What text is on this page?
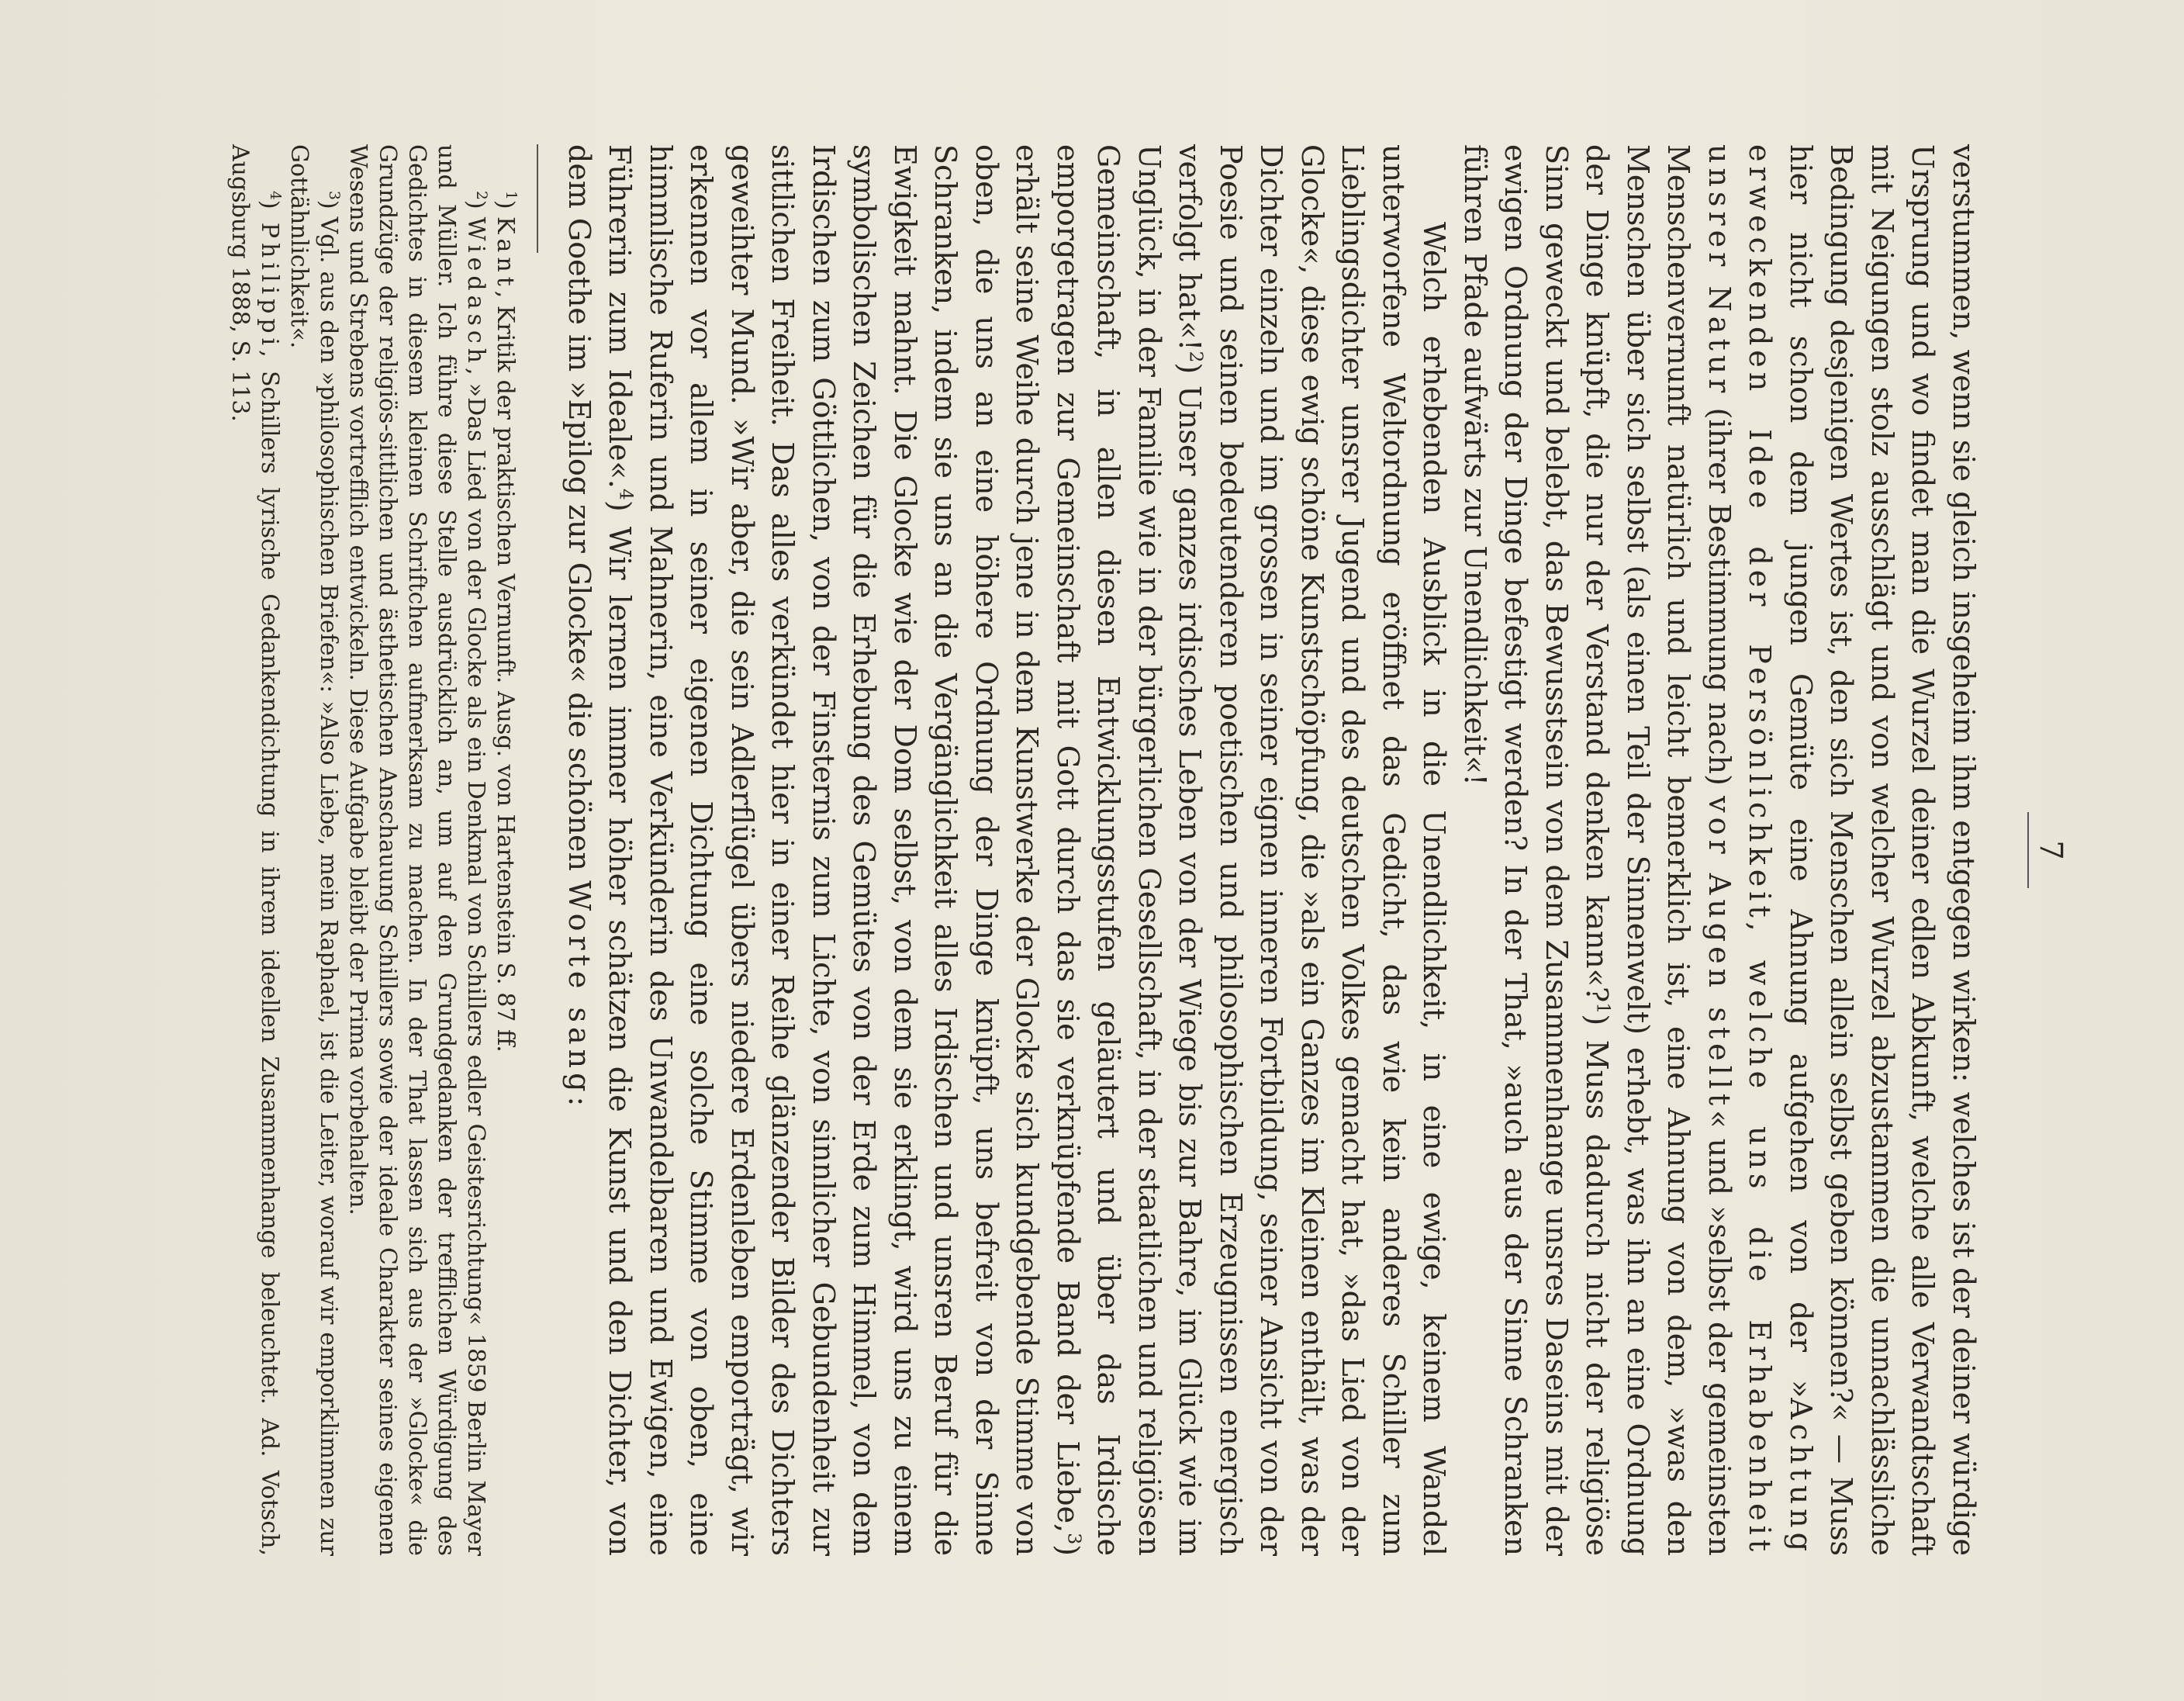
7

verstummen, wenn sie gleich insgeheim ihm entgegen wirken: welches ist der deiner würdige Ursprung und wo findet man die Wurzel deiner edlen Abkunft, welche alle Verwandtschaft mit Neigungen stolz ausschlägt und von welcher Wurzel abzustammen die unnachlässliche Bedingung desjenigen Wertes ist, den sich Menschen allein selbst geben können?« — Muss hier nicht schon dem jungen Gemüte eine Ahnung aufgehen von der »Achtung erweckenden Idee der Persönlichkeit, welche uns die Erhabenheit unsrer Natur (ihrer Bestimmung nach) vor Augen stellt« und »selbst der gemeinsten Menschenvernunft natürlich und leicht bemerklich ist, eine Ahnung von dem, »was den Menschen über sich selbst (als einen Teil der Sinnenwelt) erhebt, was ihn an eine Ordnung der Dinge knüpft, die nur der Verstand denken kann«?$^1$) Muss dadurch nicht der religiöse Sinn geweckt und belebt, das Bewusstsein von dem Zusammenhange unsres Daseins mit der ewigen Ordnung der Dinge befestigt werden? In der That, »auch aus der Sinne Schranken führen Pfade aufwärts zur Unendlichkeit«!

Welch erhebenden Ausblick in die Unendlichkeit, in eine ewige, keinem Wandel unterworfene Weltordnung eröffnet das Gedicht, das wie kein anderes Schiller zum Lieblingsdichter unsrer Jugend und des deutschen Volkes gemacht hat, »das Lied von der Glocke«, diese ewig schöne Kunstschöpfung, die »als ein Ganzes im Kleinen enthält, was der Dichter einzeln und im grossen in seiner eignen inneren Fortbildung, seiner Ansicht von der Poesie und seinen bedeutenderen poetischen und philosophischen Erzeugnissen energisch verfolgt hat«!$^2$) Unser ganzes irdisches Leben von der Wiege bis zur Bahre, im Glück wie im Unglück, in der Familie wie in der bürgerlichen Gesellschaft, in der staatlichen und religiösen Gemeinschaft, in allen diesen Entwicklungsstufen geläutert und über das Irdische emporgetragen zur Gemeinschaft mit Gott durch das sie verknüpfende Band der Liebe,$^3$) erhält seine Weihe durch jene in dem Kunstwerke der Glocke sich kundgebende Stimme von oben, die uns an eine höhere Ordnung der Dinge knüpft, uns befreit von der Sinne Schranken, indem sie uns an die Vergänglichkeit alles Irdischen und unsren Beruf für die Ewigkeit mahnt. Die Glocke wie der Dom selbst, von dem sie erklingt, wird uns zu einem symbolischen Zeichen für die Erhebung des Gemütes von der Erde zum Himmel, von dem Irdischen zum Göttlichen, von der Finsternis zum Lichte, von sinnlicher Gebundenheit zur sittlichen Freiheit. Das alles verkündet hier in einer Reihe glänzender Bilder des Dichters geweihter Mund. »Wir aber, die sein Adlerflügel übers niedere Erdenleben emporträgt, wir erkennen vor allem in seiner eigenen Dichtung eine solche Stimme von oben, eine himmlische Ruferin und Mahnerin, eine Verkünderin des Unwandelbaren und Ewigen, eine Führerin zum Ideale«.$^4$) Wir lernen immer höher schätzen die Kunst und den Dichter, von dem Goethe im »Epilog zur Glocke« die schönen Worte sang:

$^1$) Kant, Kritik der praktischen Vernunft. Ausg. von Hartenstein S. 87 ff.

$^2$) Wiedasch, »Das Lied von der Glocke als ein Denkmal von Schillers edler Geistesrichtung« 1859 Berlin Mayer und Müller. Ich führe diese Stelle ausdrücklich an, um auf den Grundgedanken der trefflichen Würdigung des Gedichtes in diesem kleinen Schriftchen aufmerksam zu machen. In der That lassen sich aus der »Glocke« die Grundzüge der religiös-sittlichen und ästhetischen Anschauung Schillers sowie der ideale Charakter seines eigenen Wesens und Strebens vortrefflich entwickeln. Diese Aufgabe bleibt der Prima vorbehalten.

$^3$) Vgl. aus den »philosophischen Briefen«: »Also Liebe, mein Raphael, ist die Leiter, worauf wir emporklimmen zur Gottähnlichkeit«.

$^4$) Philippi, Schillers lyrische Gedankendichtung in ihrem ideellen Zusammenhange beleuchtet. Ad. Votsch, Augsburg 1888, S. 113.
